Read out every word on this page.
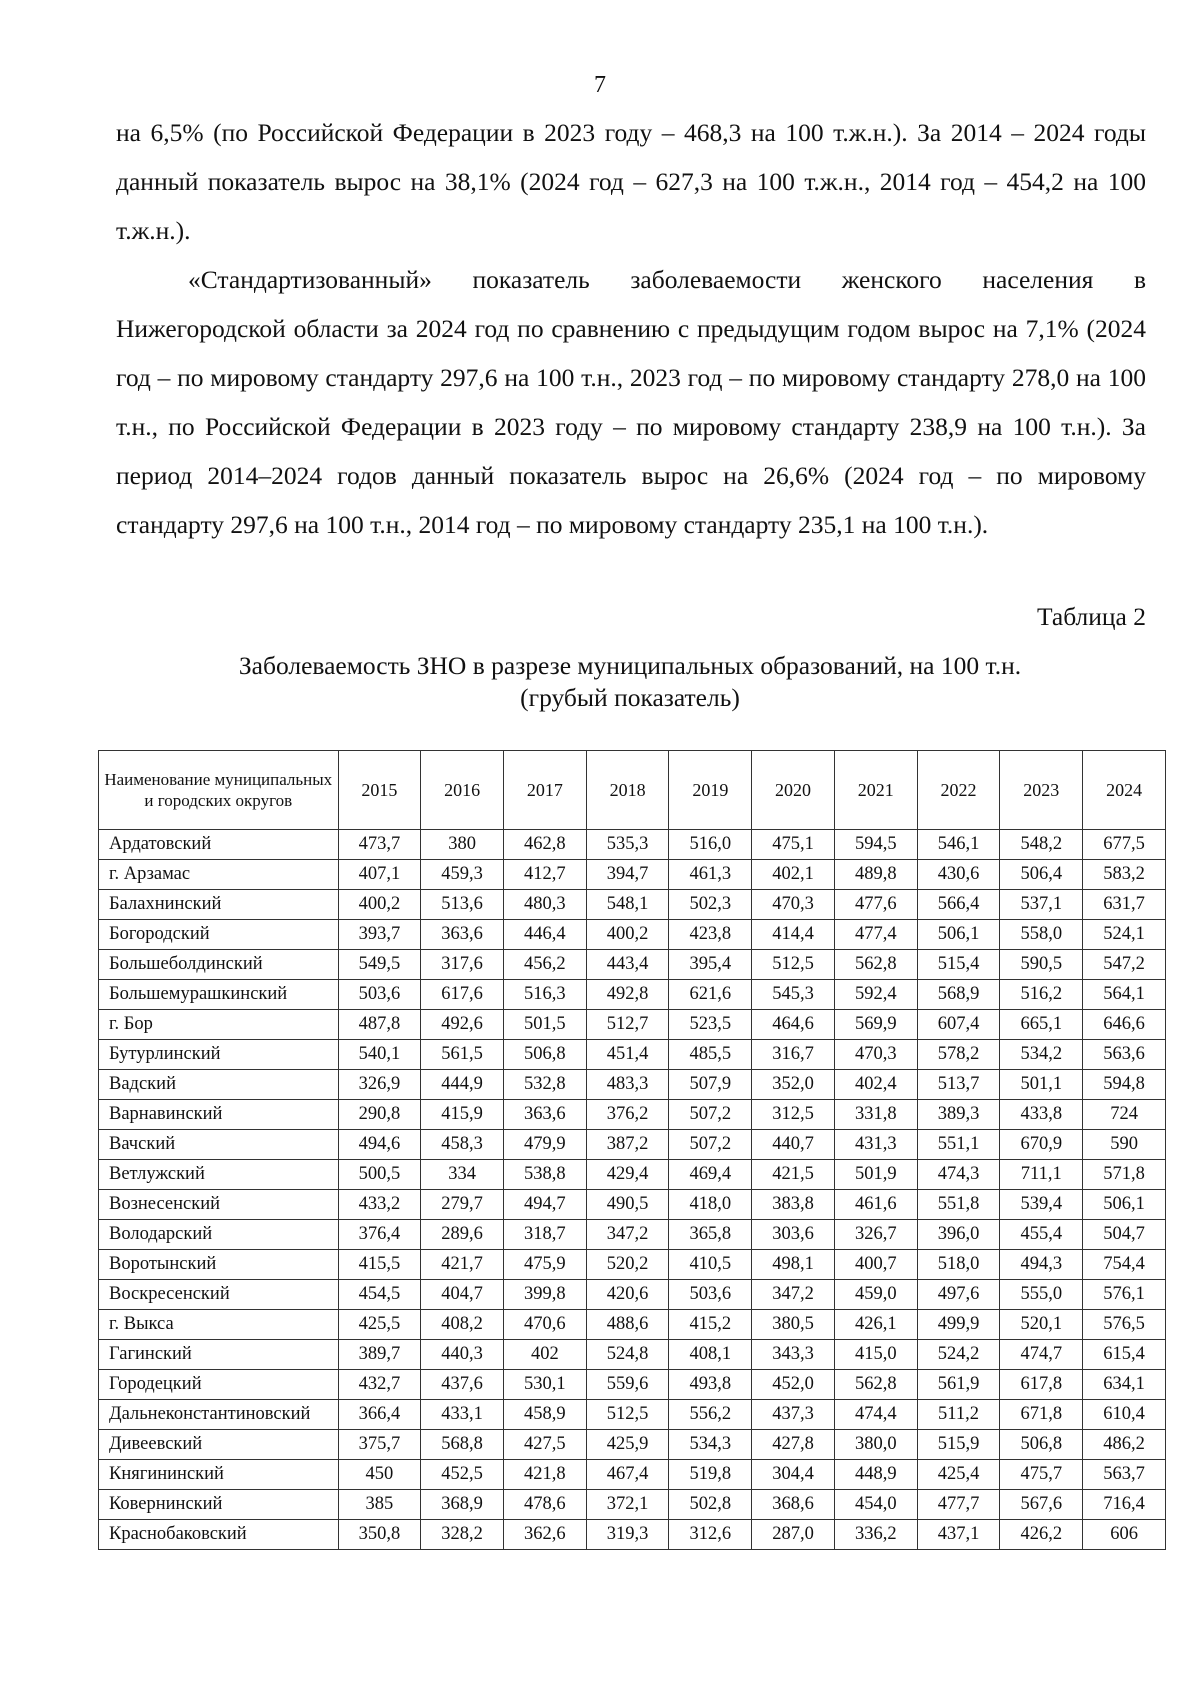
7

на 6,5% (по Российской Федерации в 2023 году – 468,3 на 100 т.ж.н.). За 2014 – 2024 годы данный показатель вырос на 38,1% (2024 год – 627,3 на 100 т.ж.н., 2014 год – 454,2 на 100 т.ж.н.).

«Стандартизованный» показатель заболеваемости женского населения в Нижегородской области за 2024 год по сравнению с предыдущим годом вырос на 7,1% (2024 год – по мировому стандарту 297,6 на 100 т.н., 2023 год – по мировому стандарту 278,0 на 100 т.н., по Российской Федерации в 2023 году – по мировому стандарту 238,9 на 100 т.н.). За период 2014–2024 годов данный показатель вырос на 26,6% (2024 год – по мировому стандарту 297,6 на 100 т.н., 2014 год – по мировому стандарту 235,1 на 100 т.н.).

Таблица 2
Заболеваемость ЗНО в разрезе муниципальных образований, на 100 т.н.
(грубый показатель)
Наименование муниципальных и городских округов	2015	2016	2017	2018	2019	2020	2021	2022	2023	2024
Ардатовский	473,7	380	462,8	535,3	516,0	475,1	594,5	546,1	548,2	677,5
г. Арзамас	407,1	459,3	412,7	394,7	461,3	402,1	489,8	430,6	506,4	583,2
Балахнинский	400,2	513,6	480,3	548,1	502,3	470,3	477,6	566,4	537,1	631,7
Богородский	393,7	363,6	446,4	400,2	423,8	414,4	477,4	506,1	558,0	524,1
Большеболдинский	549,5	317,6	456,2	443,4	395,4	512,5	562,8	515,4	590,5	547,2
Большемурашкинский	503,6	617,6	516,3	492,8	621,6	545,3	592,4	568,9	516,2	564,1
г. Бор	487,8	492,6	501,5	512,7	523,5	464,6	569,9	607,4	665,1	646,6
Бутурлинский	540,1	561,5	506,8	451,4	485,5	316,7	470,3	578,2	534,2	563,6
Вадский	326,9	444,9	532,8	483,3	507,9	352,0	402,4	513,7	501,1	594,8
Варнавинский	290,8	415,9	363,6	376,2	507,2	312,5	331,8	389,3	433,8	724
Вачский	494,6	458,3	479,9	387,2	507,2	440,7	431,3	551,1	670,9	590
Ветлужский	500,5	334	538,8	429,4	469,4	421,5	501,9	474,3	711,1	571,8
Вознесенский	433,2	279,7	494,7	490,5	418,0	383,8	461,6	551,8	539,4	506,1
Володарский	376,4	289,6	318,7	347,2	365,8	303,6	326,7	396,0	455,4	504,7
Воротынский	415,5	421,7	475,9	520,2	410,5	498,1	400,7	518,0	494,3	754,4
Воскресенский	454,5	404,7	399,8	420,6	503,6	347,2	459,0	497,6	555,0	576,1
г. Выкса	425,5	408,2	470,6	488,6	415,2	380,5	426,1	499,9	520,1	576,5
Гагинский	389,7	440,3	402	524,8	408,1	343,3	415,0	524,2	474,7	615,4
Городецкий	432,7	437,6	530,1	559,6	493,8	452,0	562,8	561,9	617,8	634,1
Дальнеконстантиновский	366,4	433,1	458,9	512,5	556,2	437,3	474,4	511,2	671,8	610,4
Дивеевский	375,7	568,8	427,5	425,9	534,3	427,8	380,0	515,9	506,8	486,2
Княгининский	450	452,5	421,8	467,4	519,8	304,4	448,9	425,4	475,7	563,7
Ковернинский	385	368,9	478,6	372,1	502,8	368,6	454,0	477,7	567,6	716,4
Краснобаковский	350,8	328,2	362,6	319,3	312,6	287,0	336,2	437,1	426,2	606
